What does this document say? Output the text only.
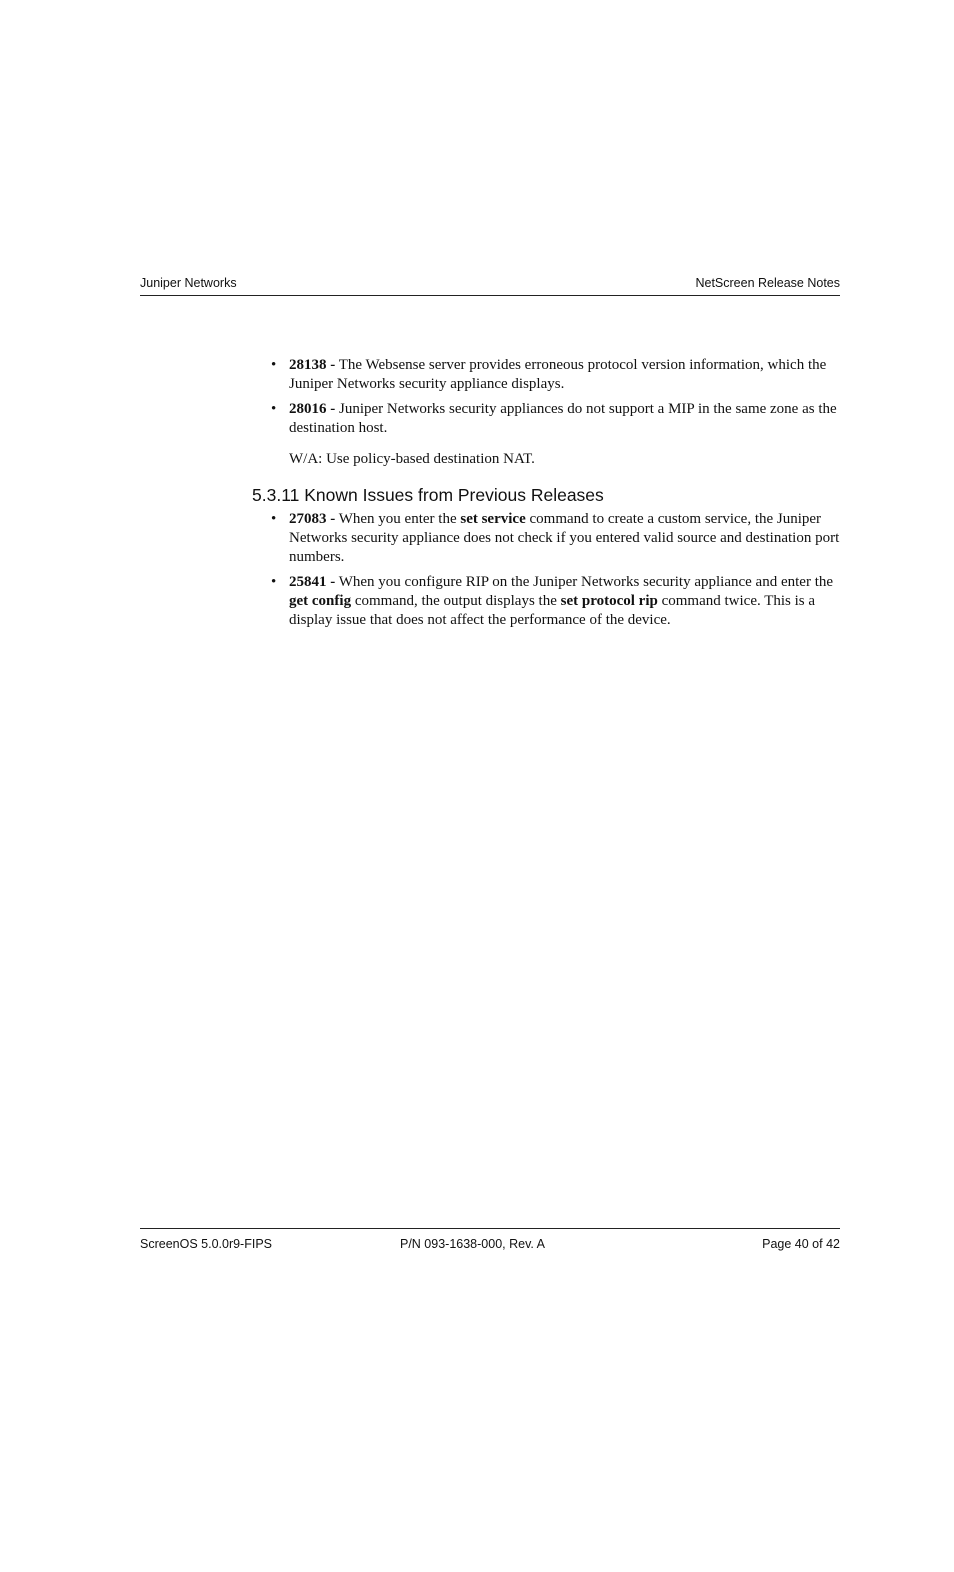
Juniper Networks	NetScreen Release Notes
• 28138 - The Websense server provides erroneous protocol version information, which the Juniper Networks security appliance displays.
• 28016 - Juniper Networks security appliances do not support a MIP in the same zone as the destination host.
W/A: Use policy-based destination NAT.
5.3.11 Known Issues from Previous Releases
• 27083 - When you enter the set service command to create a custom service, the Juniper Networks security appliance does not check if you entered valid source and destination port numbers.
• 25841 - When you configure RIP on the Juniper Networks security appliance and enter the get config command, the output displays the set protocol rip command twice. This is a display issue that does not affect the performance of the device.
ScreenOS 5.0.0r9-FIPS	P/N 093-1638-000, Rev. A	Page 40 of 42
